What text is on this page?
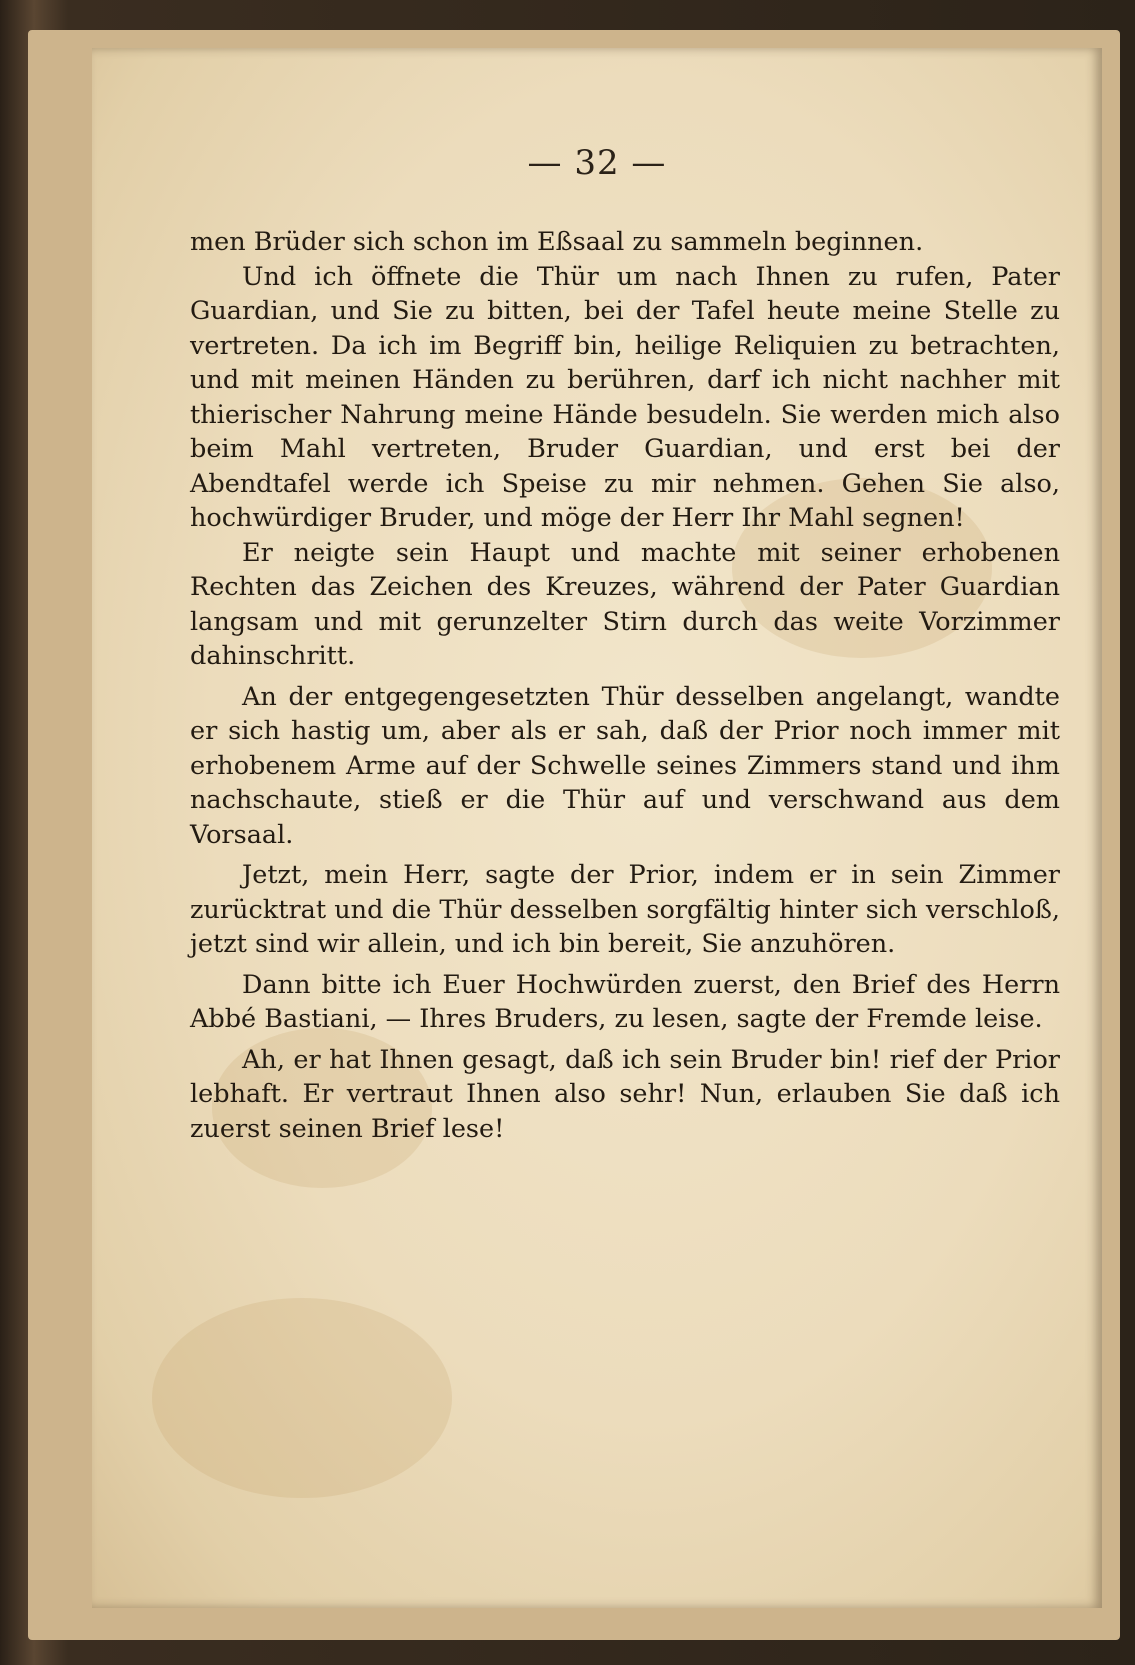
— 32 —

men Brüder sich schon im Eßsaal zu sammeln beginnen.

Und ich öffnete die Thür um nach Ihnen zu rufen, Pater Guardian, und Sie zu bitten, bei der Tafel heute meine Stelle zu vertreten. Da ich im Begriff bin, heilige Reliquien zu betrachten, und mit meinen Händen zu berühren, darf ich nicht nachher mit thierischer Nahrung meine Hände besudeln. Sie werden mich also beim Mahl vertreten, Bruder Guardian, und erst bei der Abendtafel werde ich Speise zu mir nehmen. Gehen Sie also, hochwürdiger Bruder, und möge der Herr Ihr Mahl segnen!

Er neigte sein Haupt und machte mit seiner erhobenen Rechten das Zeichen des Kreuzes, während der Pater Guardian langsam und mit gerunzelter Stirn durch das weite Vorzimmer dahinschritt.

An der entgegengesetzten Thür desselben angelangt, wandte er sich hastig um, aber als er sah, daß der Prior noch immer mit erhobenem Arme auf der Schwelle seines Zimmers stand und ihm nachschaute, stieß er die Thür auf und verschwand aus dem Vorsaal.

Jetzt, mein Herr, sagte der Prior, indem er in sein Zimmer zurücktrat und die Thür desselben sorgfältig hinter sich verschloß, jetzt sind wir allein, und ich bin bereit, Sie anzuhören.

Dann bitte ich Euer Hochwürden zuerst, den Brief des Herrn Abbé Bastiani, — Ihres Bruders, zu lesen, sagte der Fremde leise.

Ah, er hat Ihnen gesagt, daß ich sein Bruder bin! rief der Prior lebhaft. Er vertraut Ihnen also sehr! Nun, erlauben Sie daß ich zuerst seinen Brief lese!
